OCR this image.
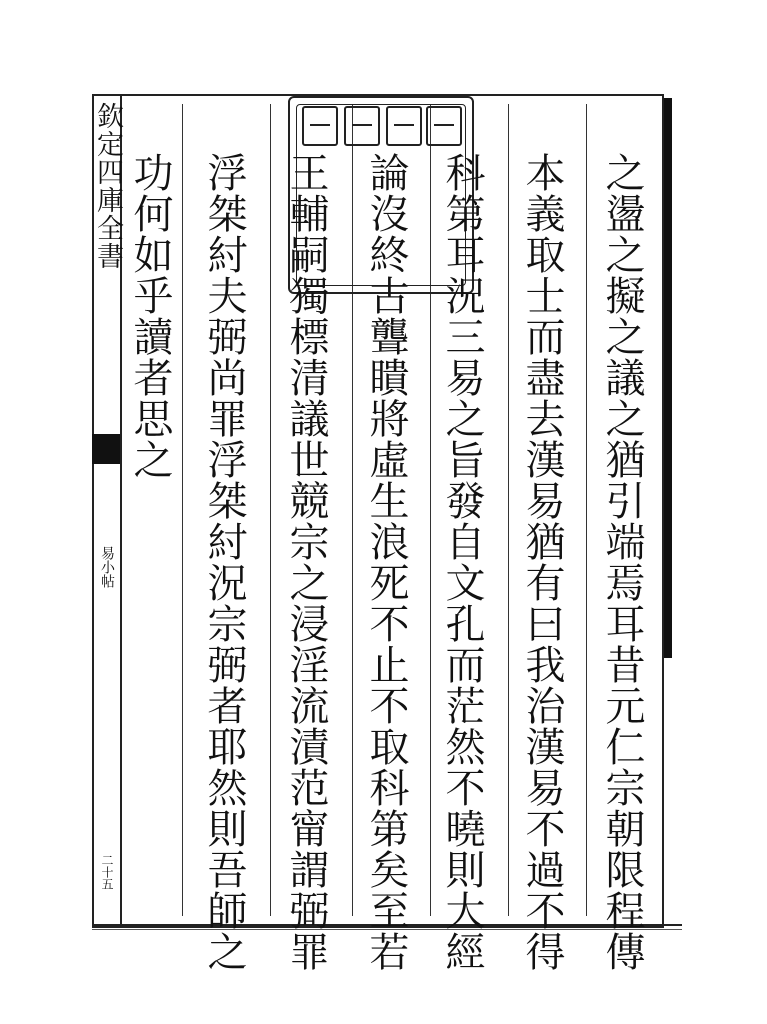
欽定四庫全書
易小帖
二十五	之盪之擬之議之猶引端焉耳昔元仁宗朝限程傳
本義取士而盡去漢易猶有曰我治漢易不過不得
科第耳況三易之旨發自文孔而茫然不曉則大經
論沒終古聾瞶將虛生浪死不止不取科第矣至若
王輔嗣獨標清議世競宗之浸淫流漬范甯謂弼罪
浮桀紂夫弼尚罪浮桀紂況宗弼者耶然則吾師之
功何如乎讀者思之
